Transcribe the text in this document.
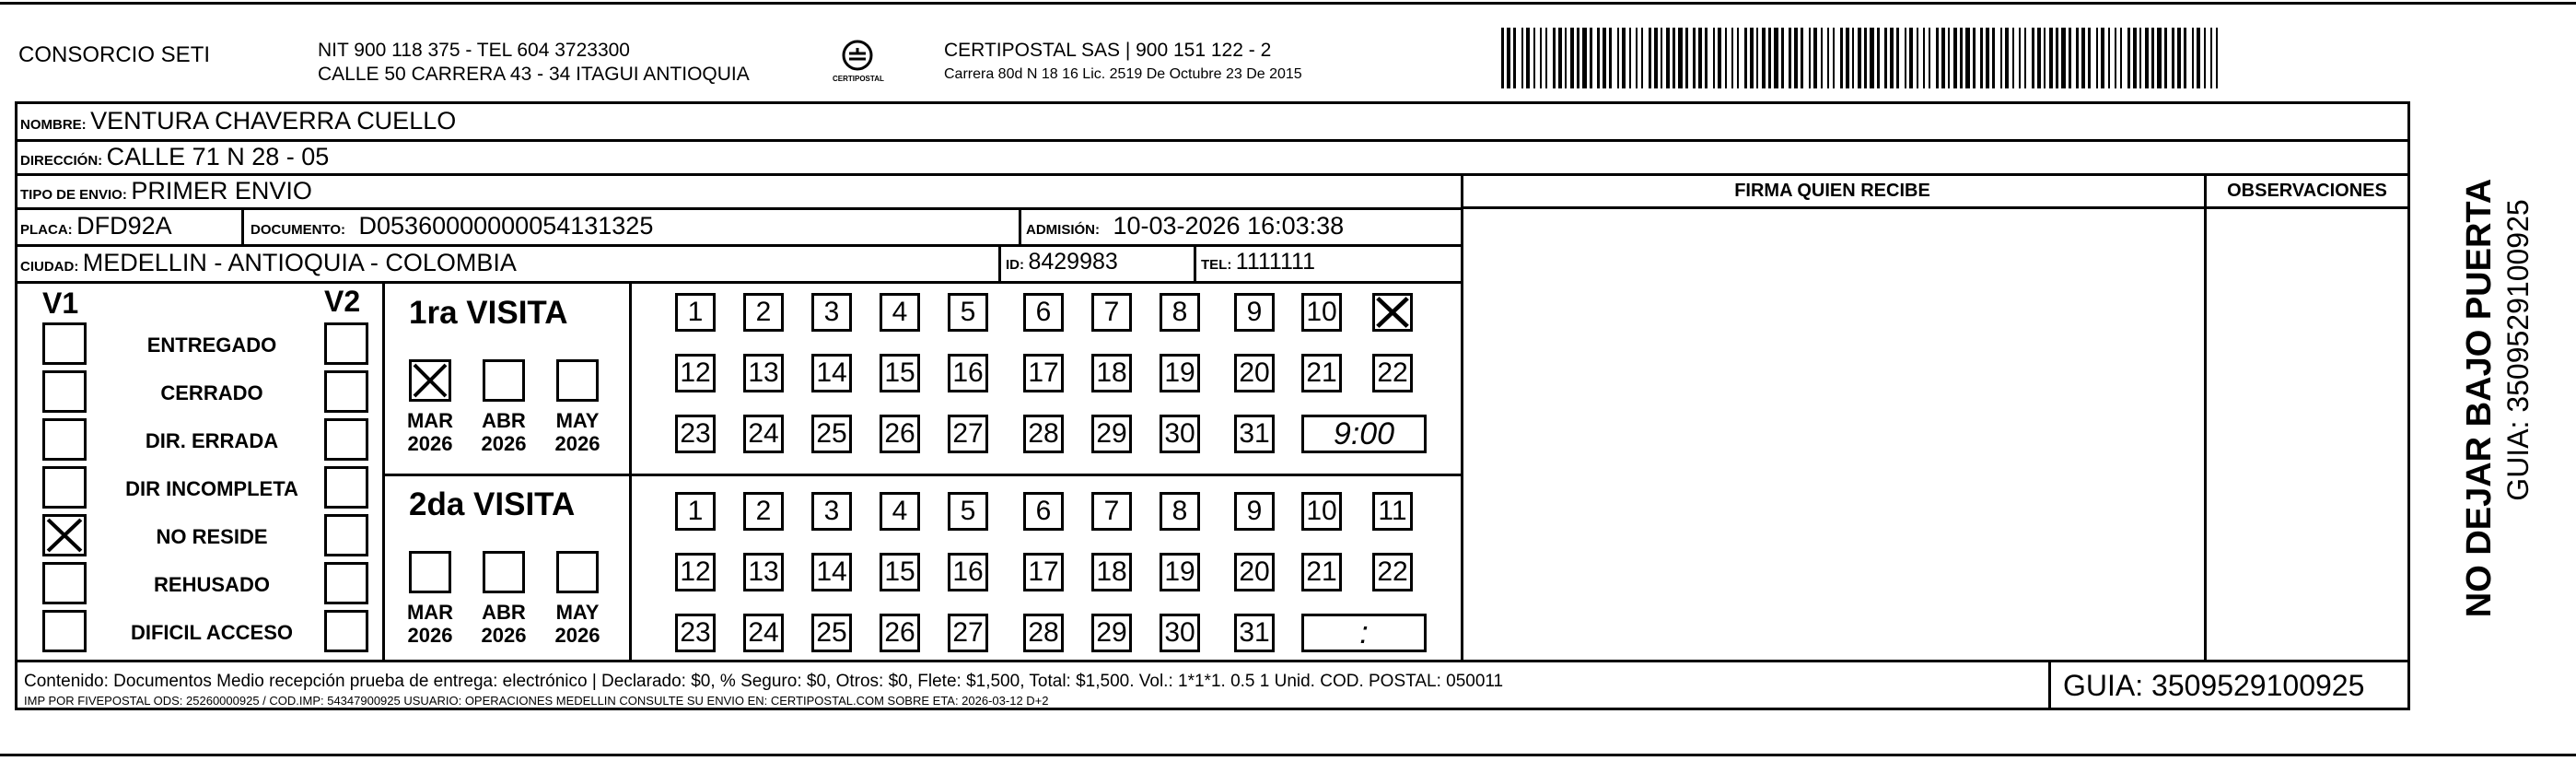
CONSORCIO SETI	NIT 900 118 375 - TEL 604 3723300
CALLE 50 CARRERA 43 - 34 ITAGUI ANTIOQUIA	CERTIPOSTAL
CERTIPOSTAL SAS | 900 151 122 - 2
Carrera 80d N 18 16 Lic. 2519 De Octubre 23 De 2015
NOMBRE: VENTURA CHAVERRA CUELLO
DIRECCIÓN: CALLE 71 N 28 - 05
TIPO DE ENVIO: PRIMER ENVIO
PLACA: DFD92A	DOCUMENTO: D05360000000054131325	ADMISIÓN: 10-03-2026 16:03:38
CIUDAD: MEDELLIN - ANTIOQUIA - COLOMBIA	ID: 8429983	TEL: 1111111
FIRMA QUIEN RECIBE	OBSERVACIONES
V1	V2
ENTREGADO
CERRADO
DIR. ERRADA
DIR INCOMPLETA
NO RESIDE
REHUSADO
DIFICIL ACCESO
1ra VISITA
MAR
2026
ABR
2026
MAY
2026
1	2	3	4	5	6	7	8	9	10
12 13 14 15 16 17 18 19 20 21 22
23 24 25 26 27 28 29 30 31	9:00
2da VISITA
MAR
2026
ABR
2026
MAY
2026
1	2	3	4	5	6	7	8	9	10 11
12 13 14 15 16 17 18 19 20 21 22
23 24 25 26 27 28 29 30 31	:
Contenido: Documentos Medio recepción prueba de entrega: electrónico | Declarado: $0, % Seguro: $0, Otros: $0, Flete: $1,500, Total: $1,500. Vol.: 1*1*1. 0.5 1 Unid. COD. POSTAL: 050011
IMP POR FIVEPOSTAL ODS: 25260000925 / COD.IMP: 54347900925 USUARIO: OPERACIONES MEDELLIN CONSULTE SU ENVIO EN: CERTIPOSTAL.COM SOBRE ETA: 2026-03-12 D+2	GUIA: 3509529100925
NO DEJAR BAJO PUERTA GUIA: 3509529100925
